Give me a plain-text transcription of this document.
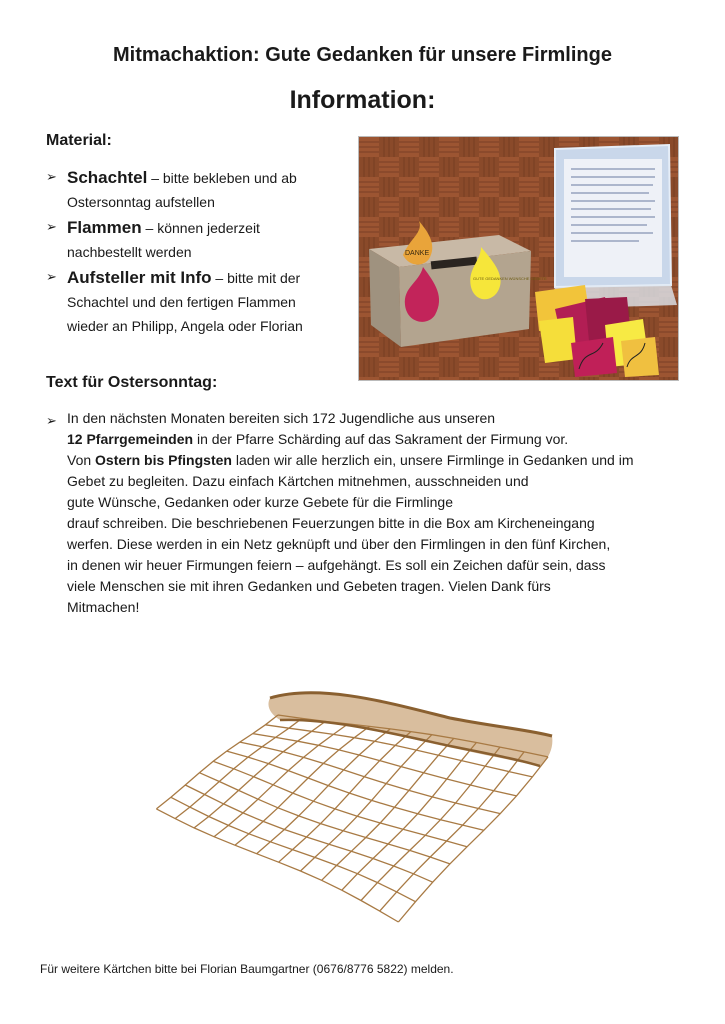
Mitmachaktion: Gute Gedanken für unsere Firmlinge
Information:
Material:
➢ Schachtel – bitte bekleben und ab
Ostersonntag aufstellen
➢ Flammen – können jederzeit
nachbestellt werden
➢ Aufsteller mit Info – bitte mit der
Schachtel und den fertigen Flammen
wieder an Philipp, Angela oder Florian
DANKE
GUTE GEDANKEN WÜNSCHE GEBETE
Text für Ostersonntag:
➢ In den nächsten Monaten bereiten sich 172 Jugendliche aus unseren
12 Pfarrgemeinden in der Pfarre Schärding auf das Sakrament der Firmung vor.
Von Ostern bis Pfingsten laden wir alle herzlich ein, unsere Firmlinge in Gedanken und im
Gebet zu begleiten. Dazu einfach Kärtchen mitnehmen, ausschneiden und
gute Wünsche, Gedanken oder kurze Gebete für die Firmlinge
drauf schreiben. Die beschriebenen Feuerzungen bitte in die Box am Kircheneingang
werfen. Diese werden in ein Netz geknüpft und über den Firmlingen in den fünf Kirchen,
in denen wir heuer Firmungen feiern – aufgehängt. Es soll ein Zeichen dafür sein, dass
viele Menschen sie mit ihren Gedanken und Gebeten tragen. Vielen Dank fürs
Mitmachen!
Für weitere Kärtchen bitte bei Florian Baumgartner (0676/8776 5822) melden.
